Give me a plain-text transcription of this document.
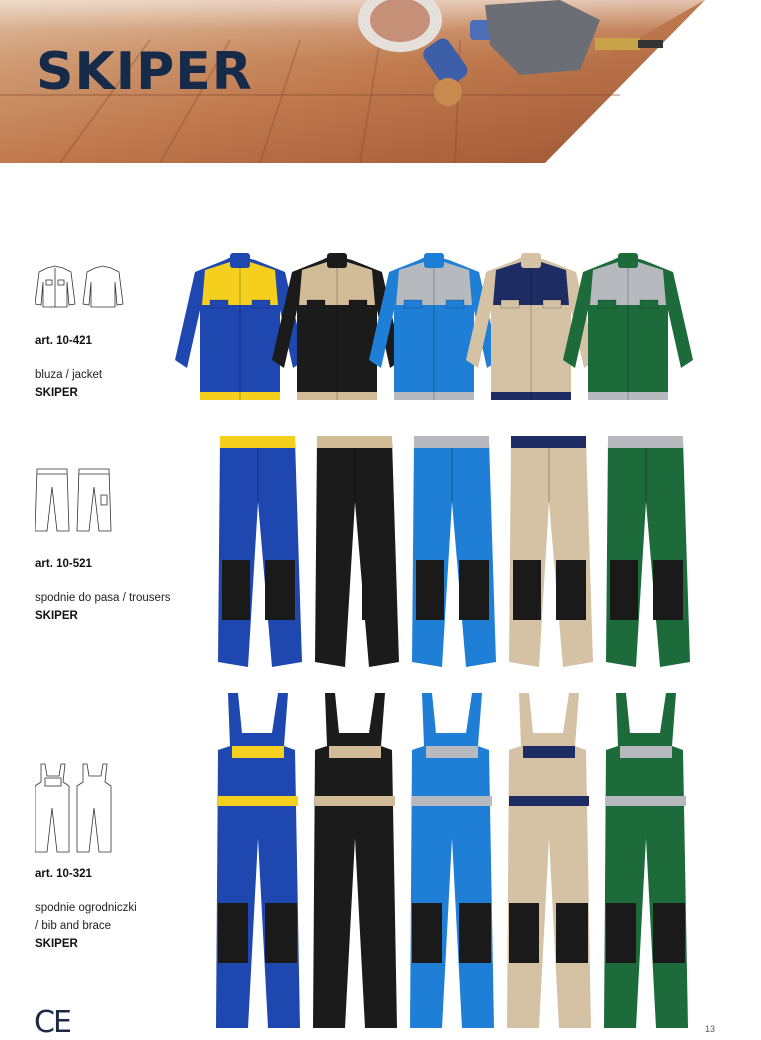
SKIPER
art. 10-421
bluza / jacket
SKIPER
art. 10-521
spodnie do pasa / trousers
SKIPER
art. 10-321
spodnie ogrodniczki
/ bib and brace
SKIPER
CE	13
